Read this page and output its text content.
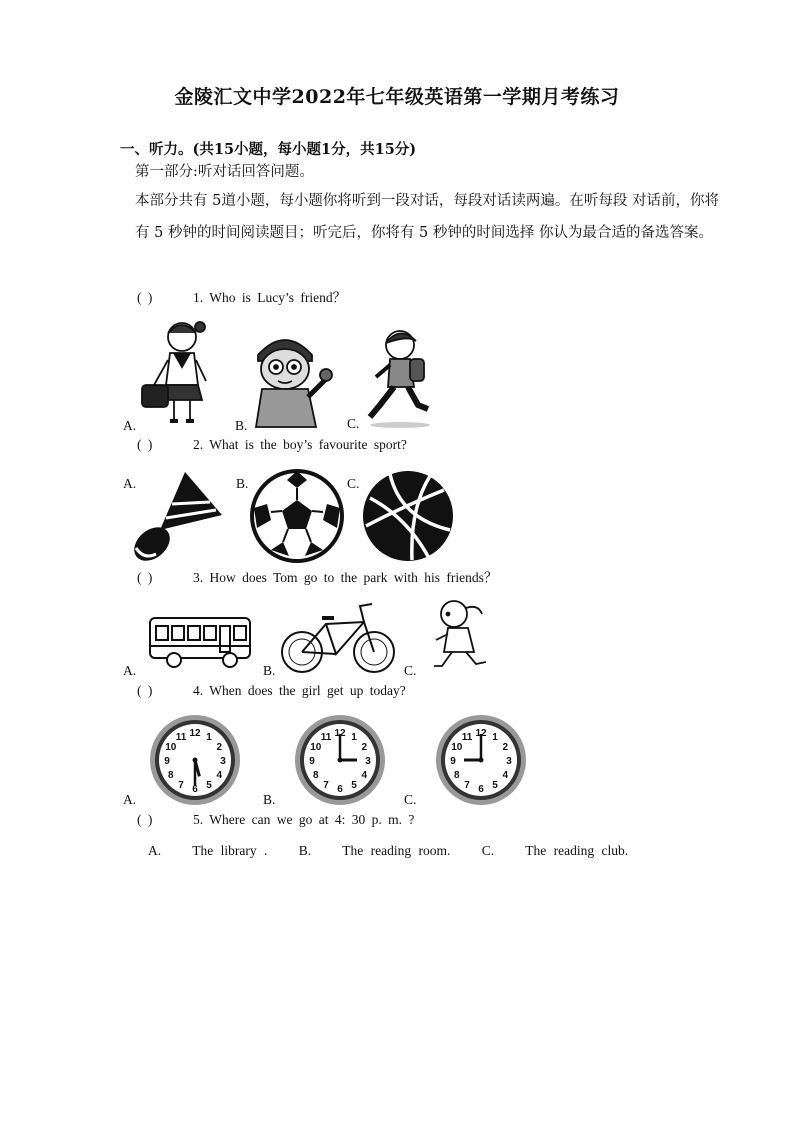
金陵汇文中学2022年七年级英语第一学期月考练习
一、听力。(共15小题，每小题1分，共15分)
第一部分:听对话回答问题。
本部分共有 5道小题，每小题你将听到一段对话，每段对话读两遍。在听每段 对话前，你将有 5 秒钟的时间阅读题目；听完后，你将有 5 秒钟的时间选择 你认为最合适的备选答案。
( )	1. Who is Lucy’s friend？
A.	B.	C.
( )	2. What is the boy’s favourite sport?
A.	B.	C.
( )	3. How does Tom go to the park with his friends？
A.	B.	C.
( )	4. When does the girl get up today?
A.	B.	C.
12 1
2
3
4
5
6
7
8
9
10
11	12 1
2
3
4
5
6
7
8
9
10
11	12 1
2
3
4
5
6
7
8
9
10
11
( )	5. Where can we go at 4: 30 p. m. ?
A. The library . B. The reading room. C. The reading club.
